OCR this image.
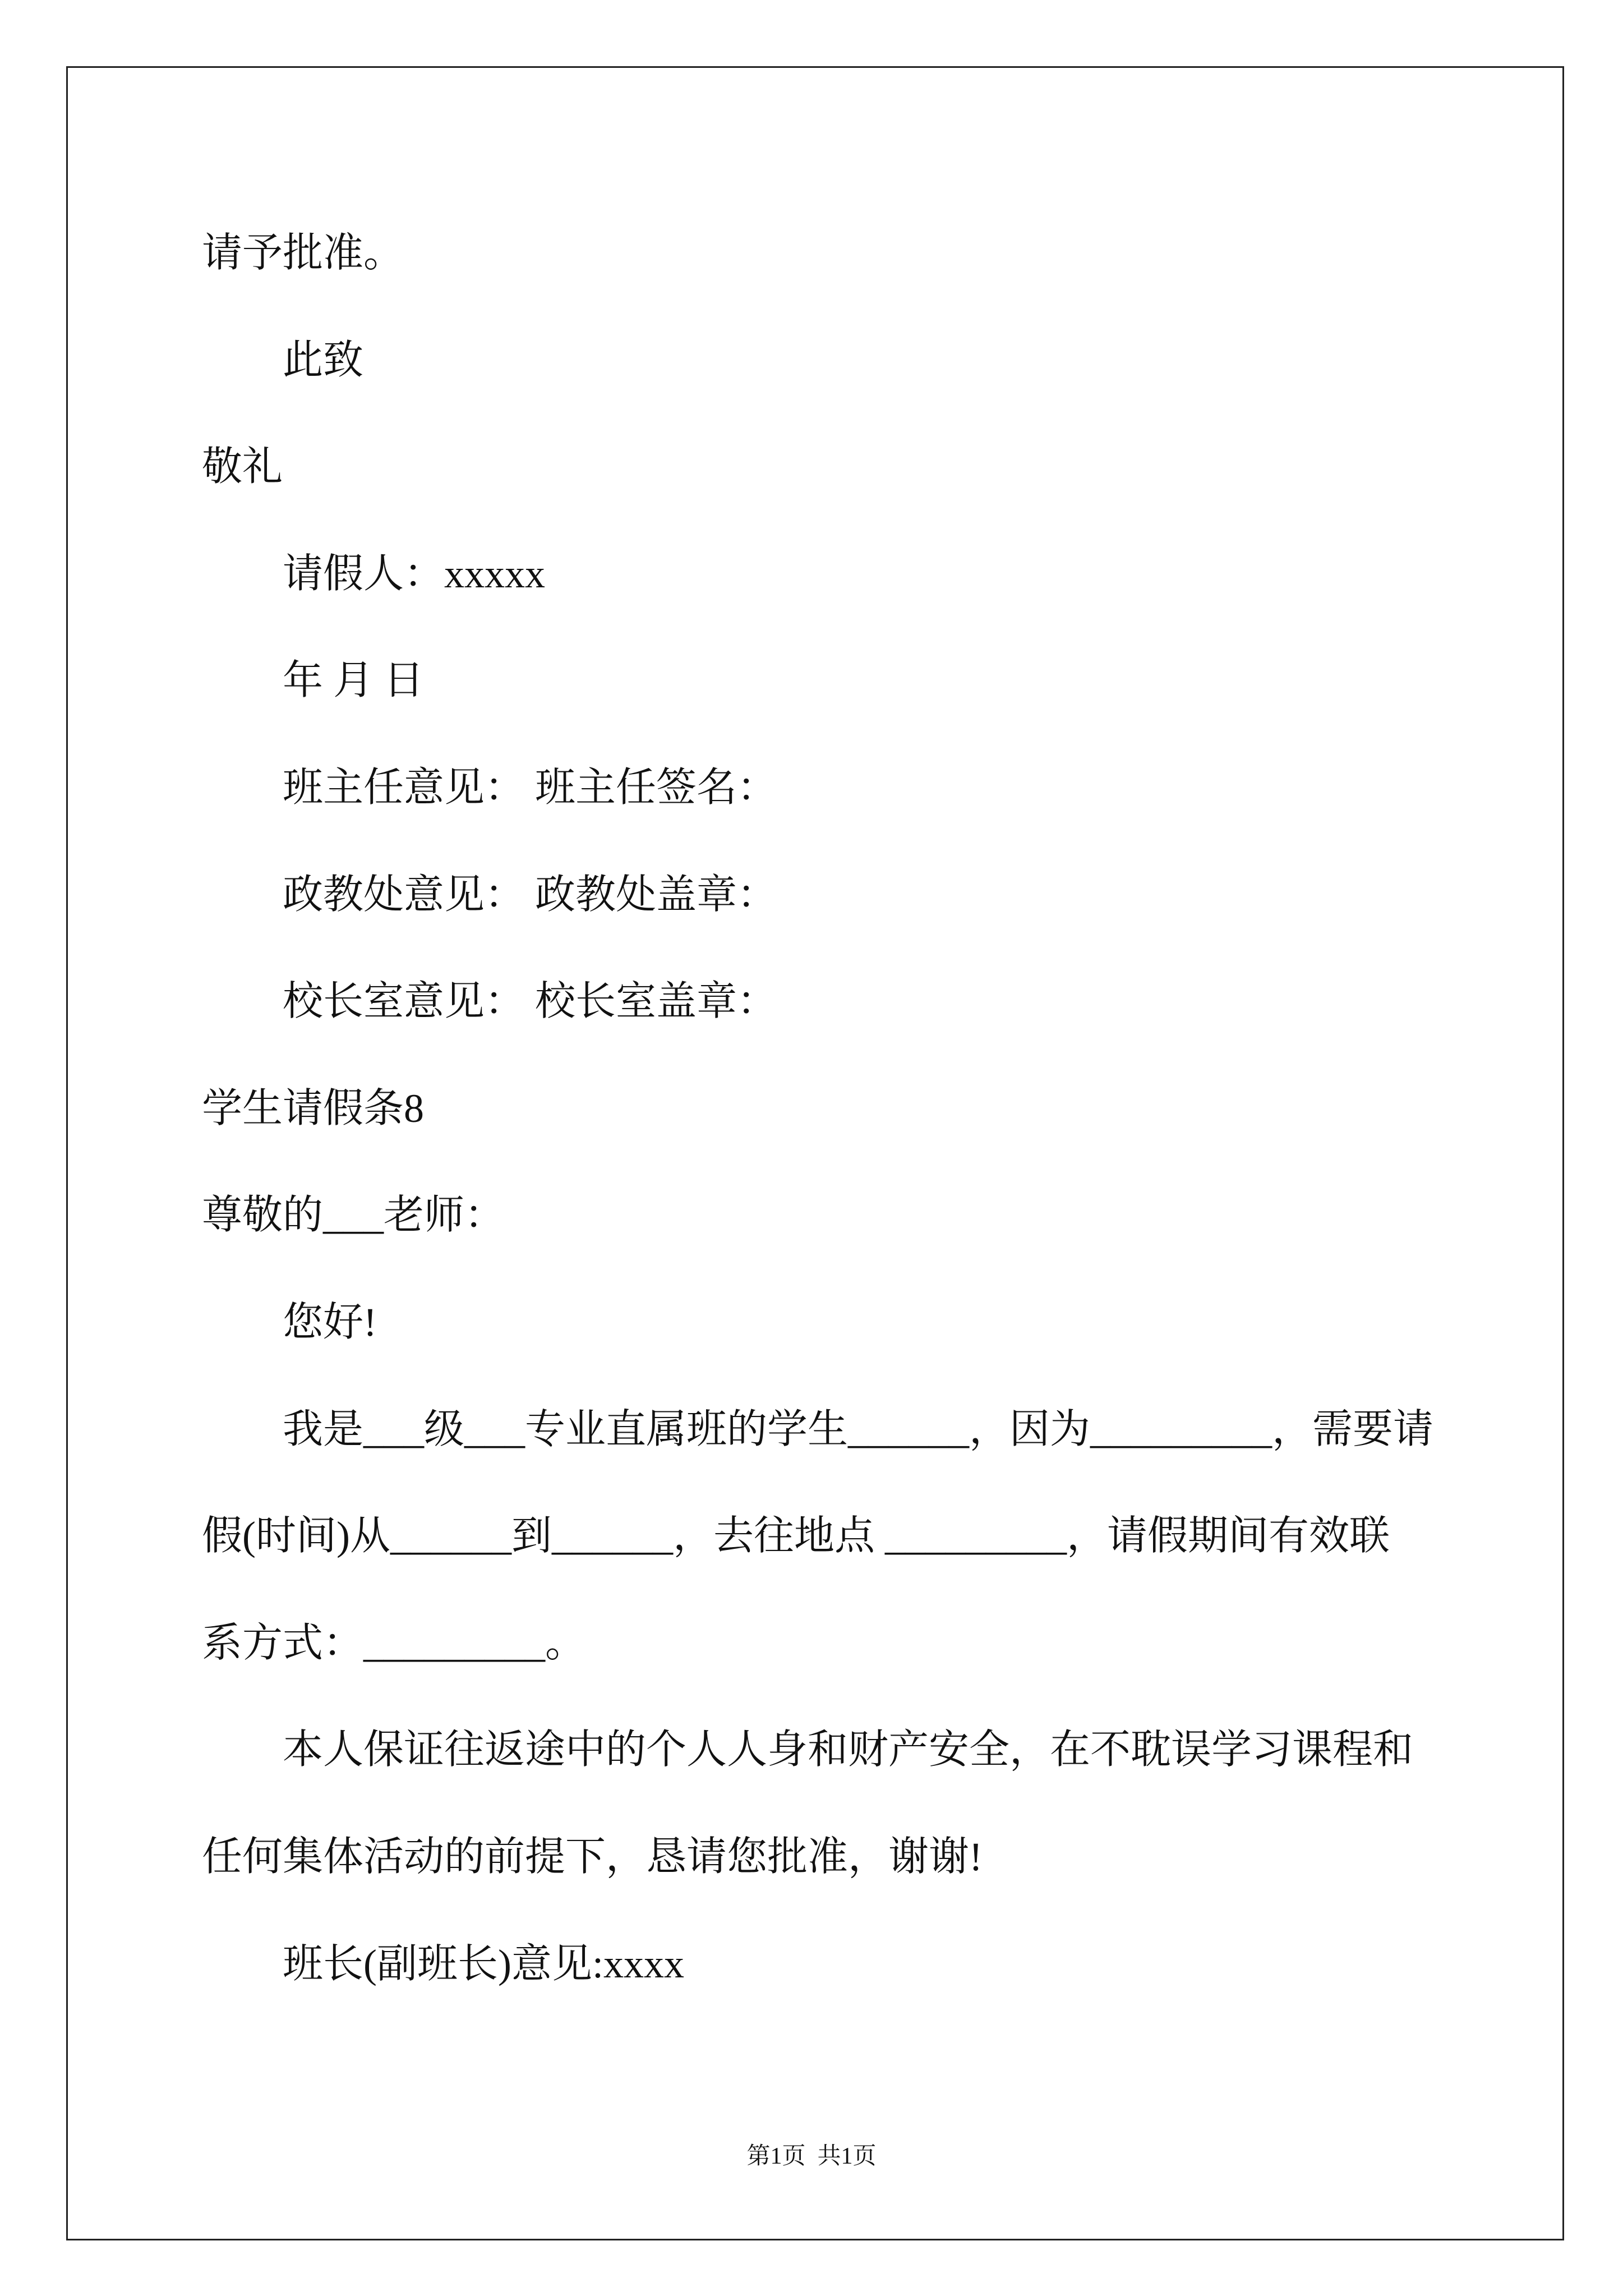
请予批准。
此致
敬礼
请假人：xxxxx
年 月 日
班主任意见： 班主任签名：
政教处意见： 政教处盖章：
校长室意见： 校长室盖章：
学生请假条8
尊敬的___老师：
您好!
我是___级___专业直属班的学生______，因为_________，需要请
假(时间)从______到______，去往地点 _________，请假期间有效联
系方式：_________。
本人保证往返途中的个人人身和财产安全，在不耽误学习课程和
任何集体活动的前提下，恳请您批准，谢谢!
班长(副班长)意见:xxxx
第1页  共1页
